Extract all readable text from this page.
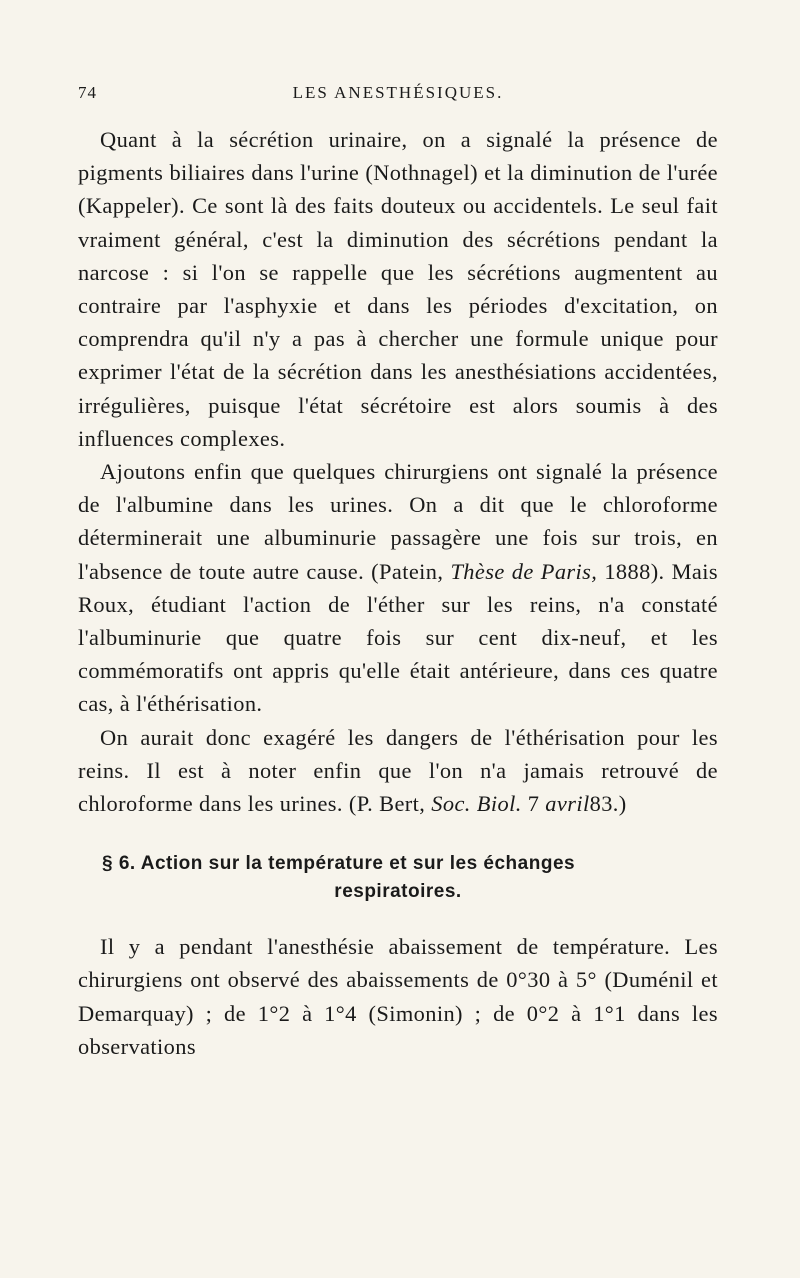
74	LES ANESTHÉSIQUES.

Quant à la sécrétion urinaire, on a signalé la présence de pigments biliaires dans l'urine (Nothnagel) et la diminution de l'urée (Kappeler). Ce sont là des faits douteux ou accidentels. Le seul fait vraiment général, c'est la diminution des sécrétions pendant la narcose : si l'on se rappelle que les sécrétions augmentent au contraire par l'asphyxie et dans les périodes d'excitation, on comprendra qu'il n'y a pas à chercher une formule unique pour exprimer l'état de la sécrétion dans les anesthésiations accidentées, irrégulières, puisque l'état sécrétoire est alors soumis à des influences complexes.

Ajoutons enfin que quelques chirurgiens ont signalé la présence de l'albumine dans les urines. On a dit que le chloroforme déterminerait une albuminurie passagère une fois sur trois, en l'absence de toute autre cause. (Patein, Thèse de Paris, 1888). Mais Roux, étudiant l'action de l'éther sur les reins, n'a constaté l'albuminurie que quatre fois sur cent dix-neuf, et les commémoratifs ont appris qu'elle était antérieure, dans ces quatre cas, à l'éthérisation.

On aurait donc exagéré les dangers de l'éthérisation pour les reins. Il est à noter enfin que l'on n'a jamais retrouvé de chloroforme dans les urines. (P. Bert, Soc. Biol. 7 avril83.)

§ 6. Action sur la température et sur les échanges
respiratoires.

Il y a pendant l'anesthésie abaissement de température. Les chirurgiens ont observé des abaissements de 0°30 à 5° (Duménil et Demarquay) ; de 1°2 à 1°4 (Simonin) ; de 0°2 à 1°1 dans les observations
